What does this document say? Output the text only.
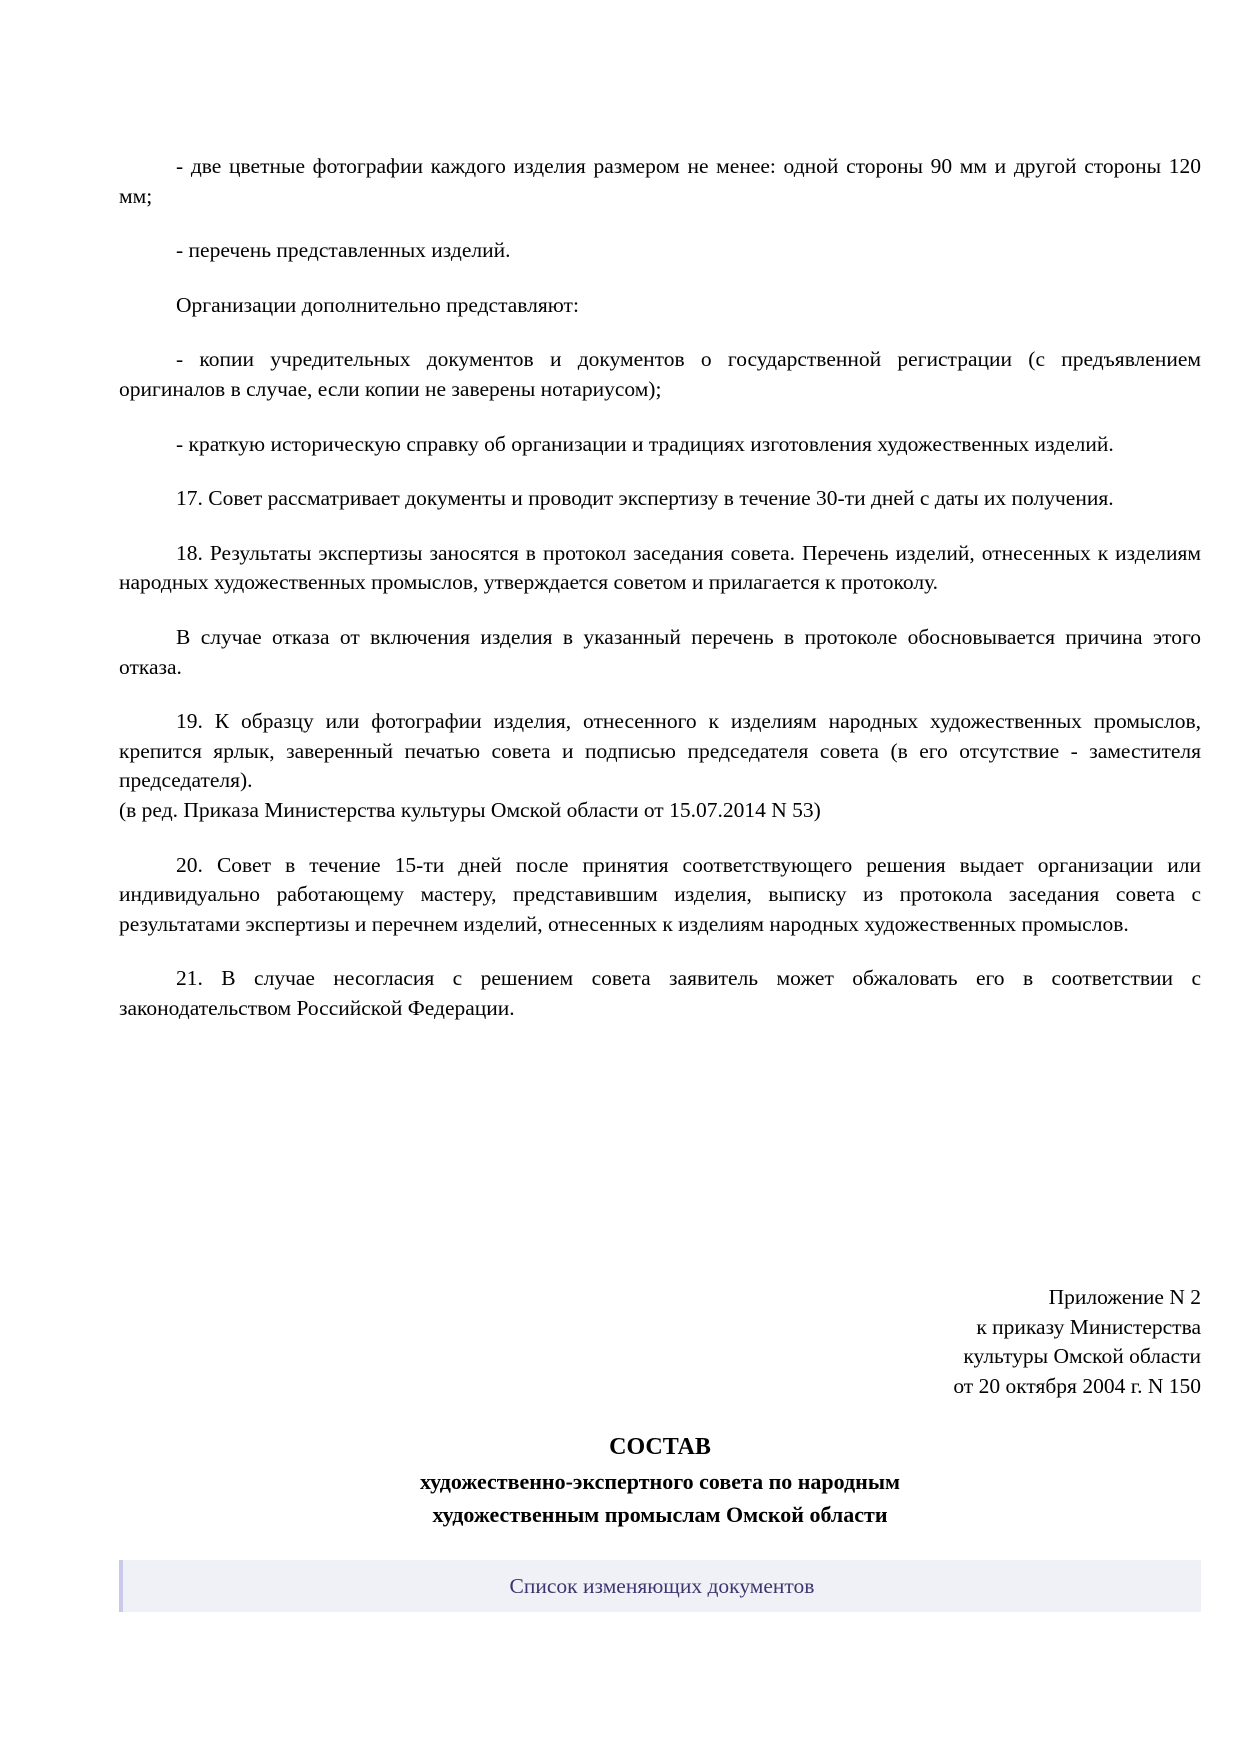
- две цветные фотографии каждого изделия размером не менее: одной стороны 90 мм и другой стороны 120 мм;

- перечень представленных изделий.

Организации дополнительно представляют:

- копии учредительных документов и документов о государственной регистрации (с предъявлением оригиналов в случае, если копии не заверены нотариусом);

- краткую историческую справку об организации и традициях изготовления художественных изделий.

17. Совет рассматривает документы и проводит экспертизу в течение 30-ти дней с даты их получения.

18. Результаты экспертизы заносятся в протокол заседания совета. Перечень изделий, отнесенных к изделиям народных художественных промыслов, утверждается советом и прилагается к протоколу.

В случае отказа от включения изделия в указанный перечень в протоколе обосновывается причина этого отказа.

19. К образцу или фотографии изделия, отнесенного к изделиям народных художественных промыслов, крепится ярлык, заверенный печатью совета и подписью председателя совета (в его отсутствие - заместителя председателя).

(в ред. Приказа Министерства культуры Омской области от 15.07.2014 N 53)

20. Совет в течение 15-ти дней после принятия соответствующего решения выдает организации или индивидуально работающему мастеру, представившим изделия, выписку из протокола заседания совета с результатами экспертизы и перечнем изделий, отнесенных к изделиям народных художественных промыслов.

21. В случае несогласия с решением совета заявитель может обжаловать его в соответствии с законодательством Российской Федерации.

Приложение N 2
к приказу Министерства
культуры Омской области
от 20 октября 2004 г. N 150
СОСТАВ
художественно-экспертного совета по народным
художественным промыслам Омской области
Список изменяющих документов
